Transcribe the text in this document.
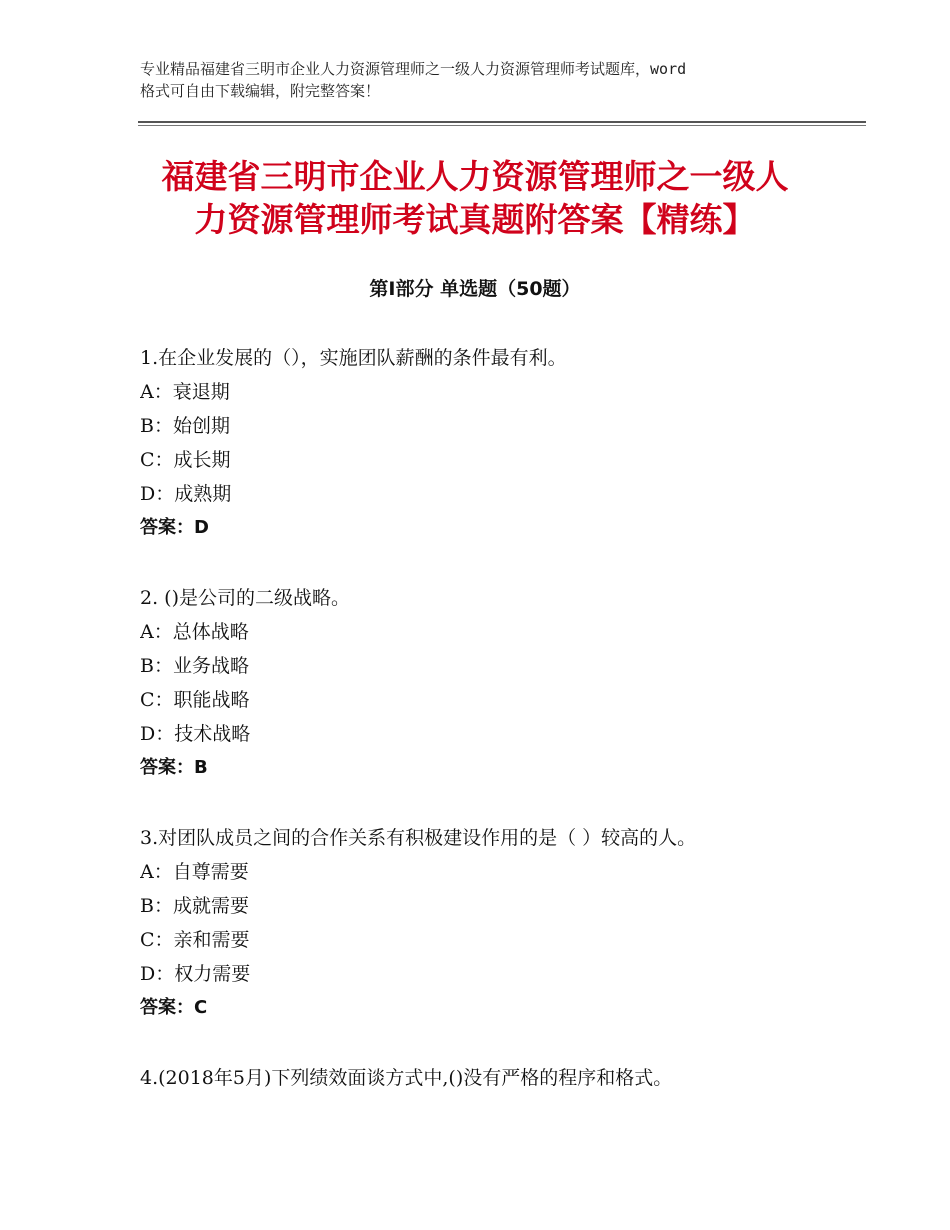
专业精品福建省三明市企业人力资源管理师之一级人力资源管理师考试题库，word
格式可自由下载编辑，附完整答案！
福建省三明市企业人力资源管理师之一级人
力资源管理师考试真题附答案【精练】
第Ⅰ部分 单选题（50题）
1.在企业发展的（），实施团队薪酬的条件最有利。
A：衰退期
B：始创期
C：成长期
D：成熟期
答案：D
2. ()是公司的二级战略。
A：总体战略
B：业务战略
C：职能战略
D：技术战略
答案：B
3.对团队成员之间的合作关系有积极建设作用的是（ ）较高的人。
A：自尊需要
B：成就需要
C：亲和需要
D：权力需要
答案：C
4.(2018年5月)下列绩效面谈方式中,()没有严格的程序和格式。
